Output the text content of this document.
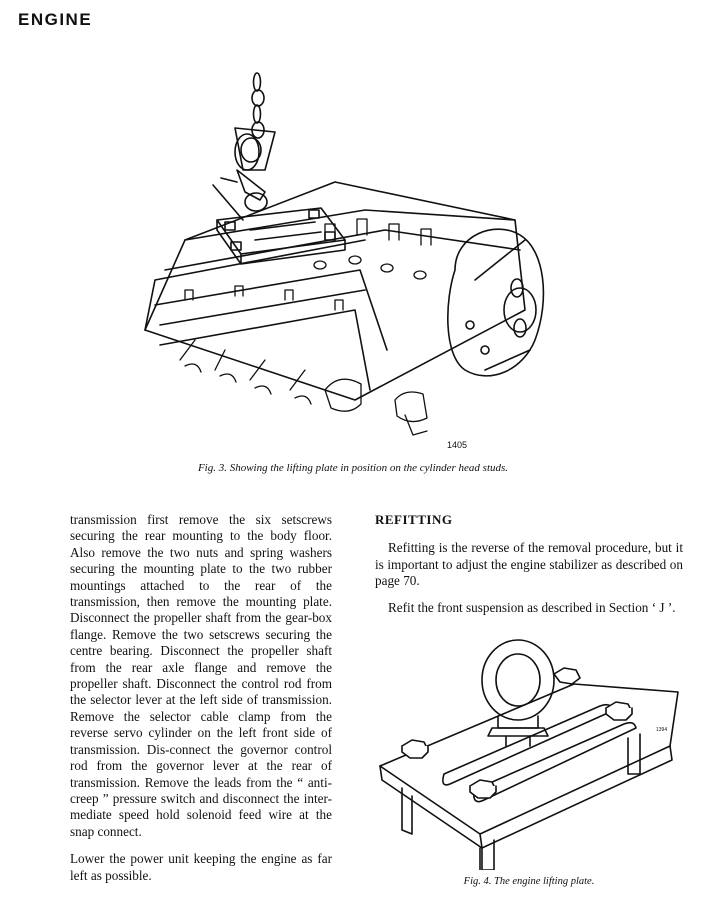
ENGINE
1405
Fig. 3. Showing the lifting plate in position on the cylinder head studs.

transmission first remove the six setscrews securing the rear mounting to the body floor. Also remove the two nuts and spring washers securing the mounting plate to the two rubber mountings attached to the rear of the transmission, then remove the mounting plate. Disconnect the propeller shaft from the gear-box flange. Remove the two setscrews securing the centre bearing. Disconnect the propeller shaft from the rear axle flange and remove the propeller shaft. Disconnect the control rod from the selector lever at the left side of transmission. Remove the selector cable clamp from the reverse servo cylinder on the left front side of transmission. Dis-connect the governor control rod from the governor lever at the rear of transmission. Remove the leads from the “ anti-creep ” pressure switch and disconnect the inter-mediate speed hold solenoid feed wire at the snap connect.

Lower the power unit keeping the engine as far left as possible.

REFITTING

Refitting is the reverse of the removal procedure, but it is important to adjust the engine stabilizer as described on page 70.

Refit the front suspension as described in Section ‘ J ’.

1394
Fig. 4. The engine lifting plate.
